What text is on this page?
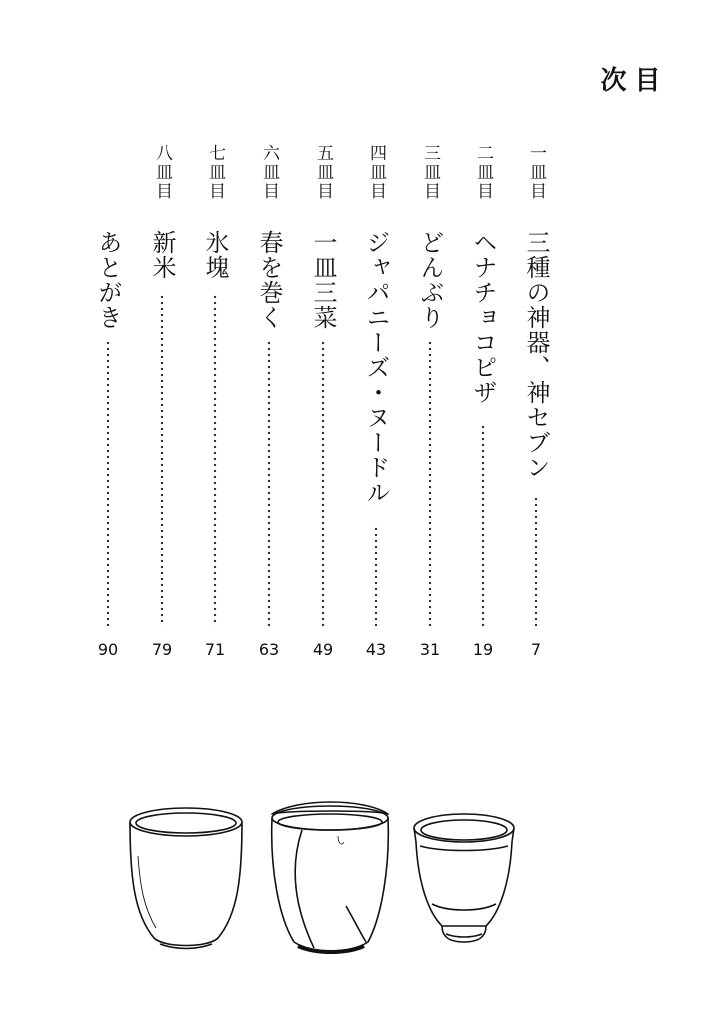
目次
一皿目
三種の神器、神セブン
7
二皿目
ヘナチョコピザ
19
三皿目
どんぶり
31
四皿目
ジャパニーズ・ヌードル
43
五皿目
一皿三菜
49
六皿目
春を巻く
63
七皿目
氷塊
71
八皿目
新米
79
あとがき
90
